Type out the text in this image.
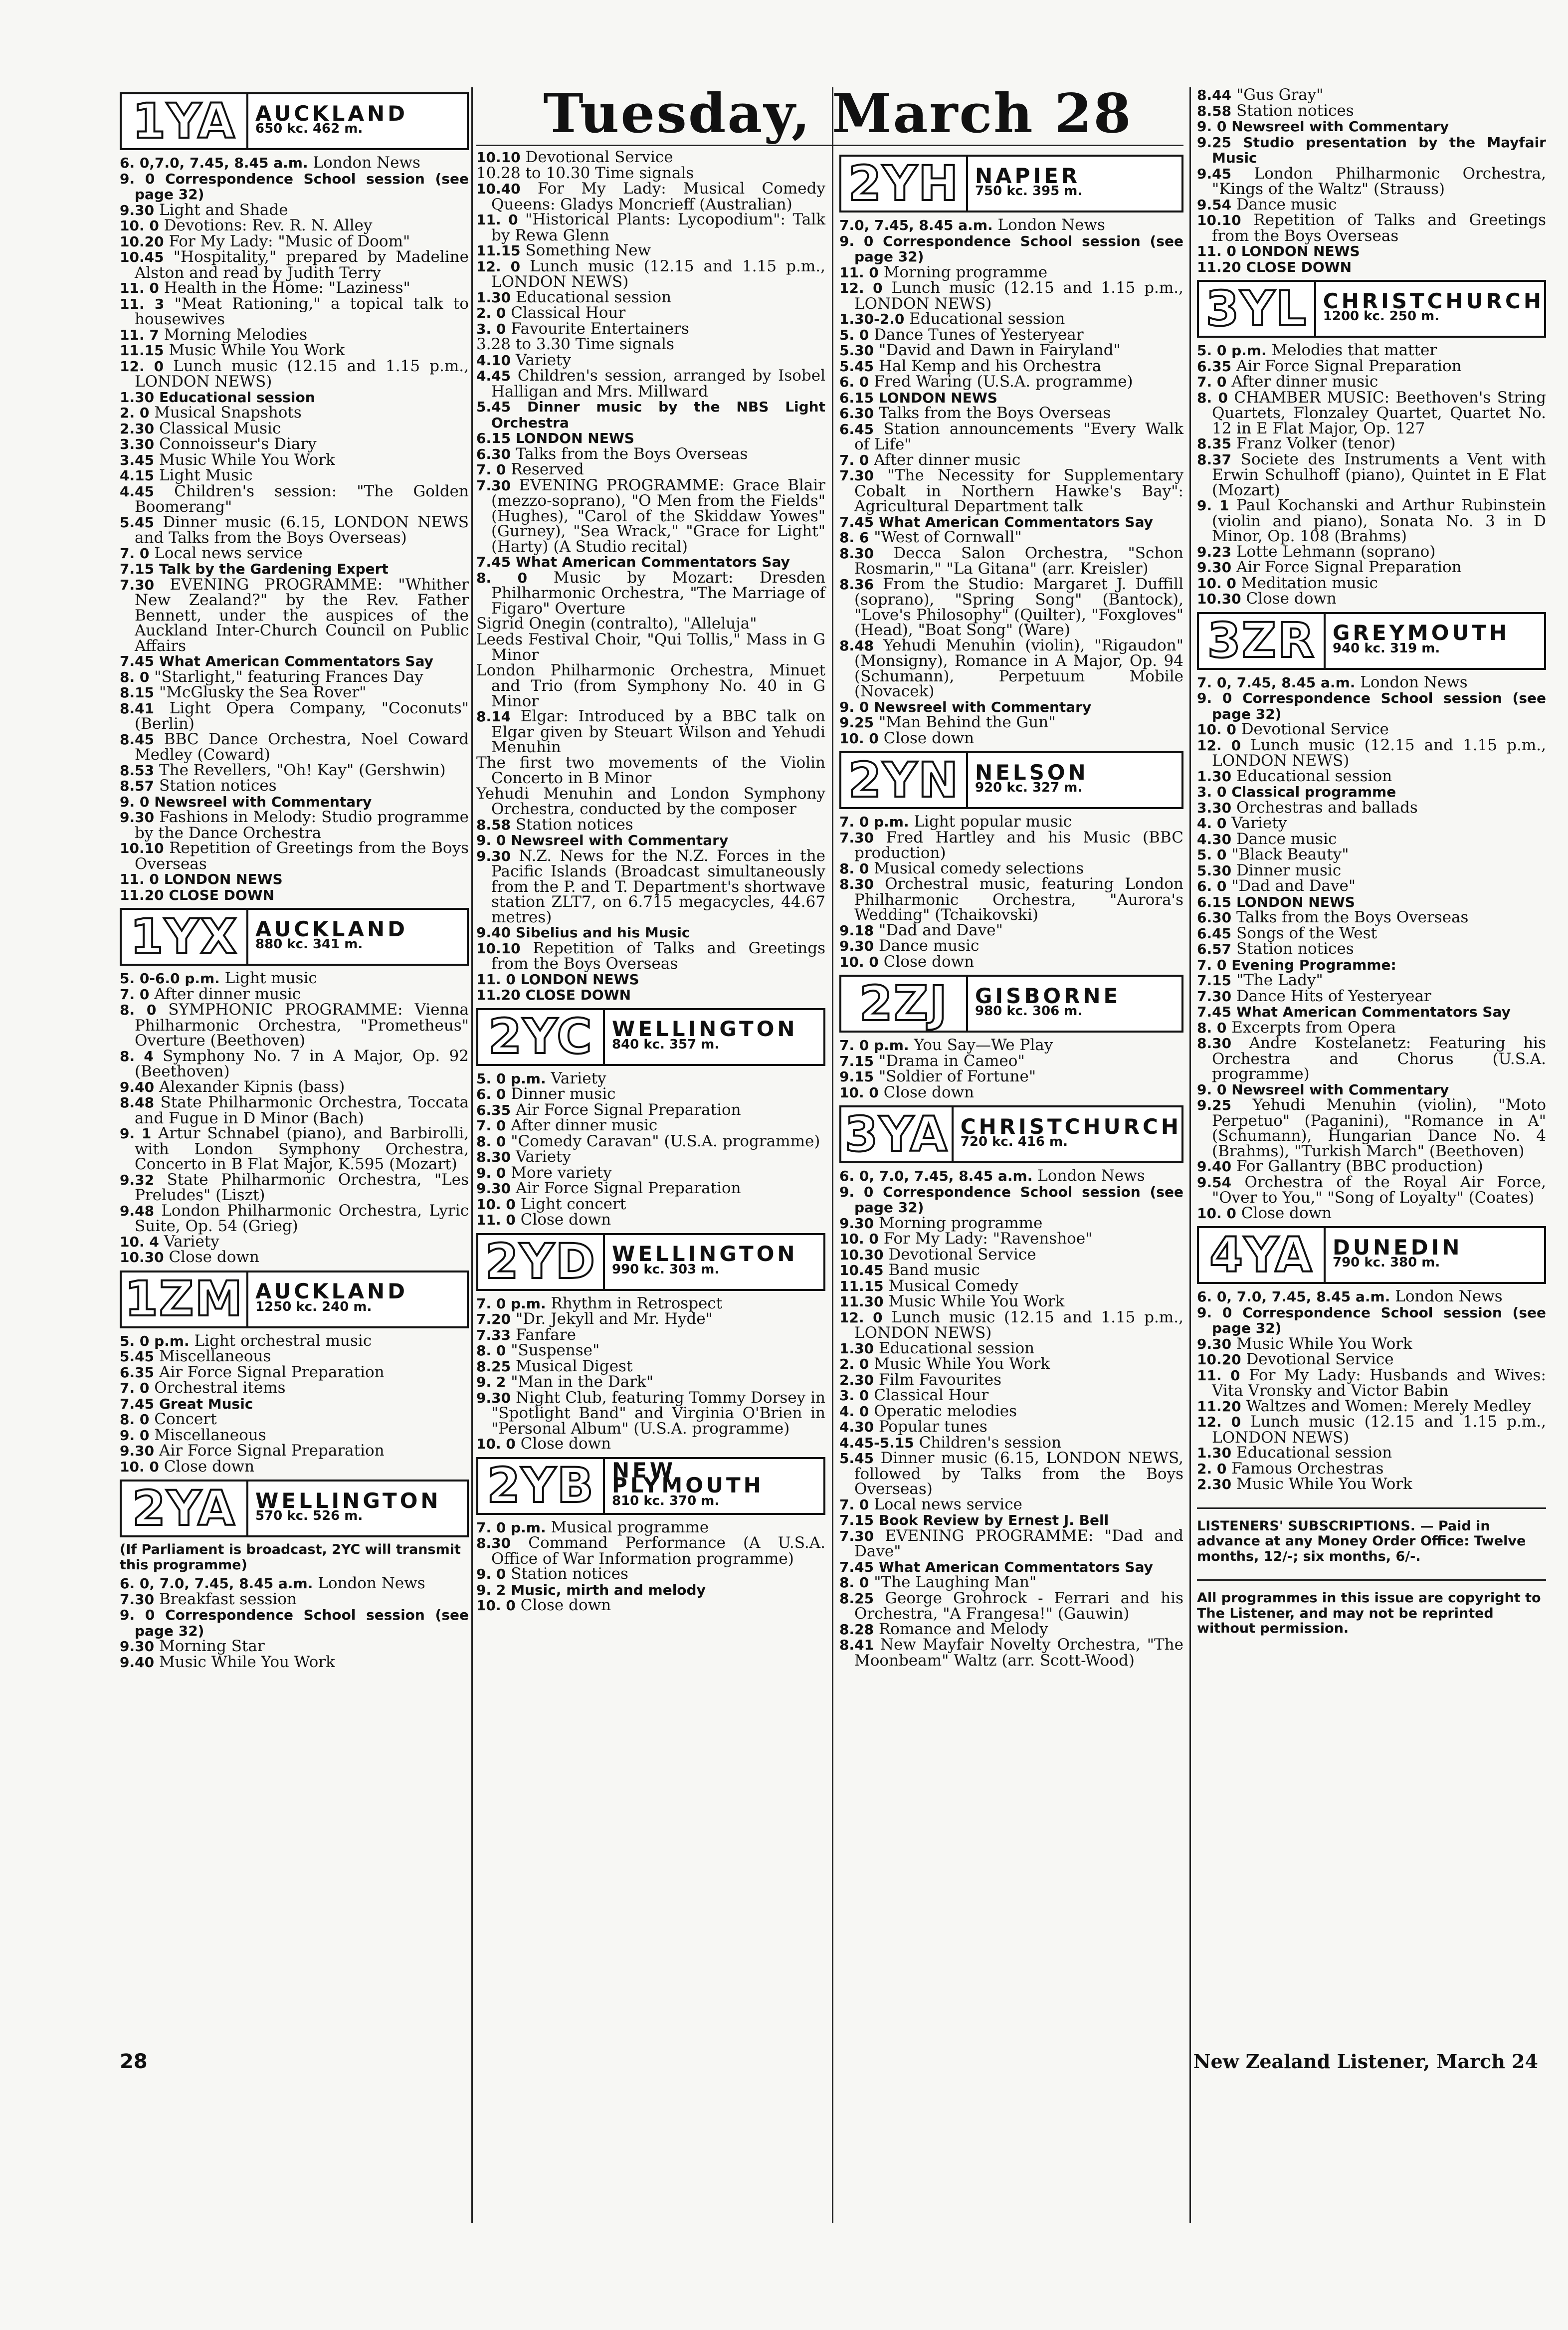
Tuesday, March 28
1YA AUCKLAND
650 kc. 462 m.

6. 0,7.0, 7.45, 8.45 a.m. London News

9. 0 Correspondence School session (see page 32)

9.30 Light and Shade

10. 0 Devotions: Rev. R. N. Alley

10.20 For My Lady: "Music of Doom"

10.45 "Hospitality," prepared by Madeline Alston and read by Judith Terry

11. 0 Health in the Home: "Laziness"

11. 3 "Meat Rationing," a topical talk to housewives

11. 7 Morning Melodies

11.15 Music While You Work

12. 0 Lunch music (12.15 and 1.15 p.m., LONDON NEWS)

1.30 Educational session

2. 0 Musical Snapshots

2.30 Classical Music

3.30 Connoisseur's Diary

3.45 Music While You Work

4.15 Light Music

4.45 Children's session: "The Golden Boomerang"

5.45 Dinner music (6.15, LONDON NEWS and Talks from the Boys Overseas)

7. 0 Local news service

7.15 Talk by the Gardening Expert

7.30 EVENING PROGRAMME: "Whither New Zealand?" by the Rev. Father Bennett, under the auspices of the Auckland Inter-Church Council on Public Affairs

7.45 What American Commentators Say

8. 0 "Starlight," featuring Frances Day

8.15 "McGlusky the Sea Rover"

8.41 Light Opera Company, "Coconuts" (Berlin)

8.45 BBC Dance Orchestra, Noel Coward Medley (Coward)

8.53 The Revellers, "Oh! Kay" (Gershwin)

8.57 Station notices

9. 0 Newsreel with Commentary

9.30 Fashions in Melody: Studio programme by the Dance Orchestra

10.10 Repetition of Greetings from the Boys Overseas

11. 0 LONDON NEWS

11.20 CLOSE DOWN

1YX AUCKLAND
880 kc. 341 m.

5. 0-6.0 p.m. Light music

7. 0 After dinner music

8. 0 SYMPHONIC PROGRAMME: Vienna Philharmonic Orchestra, "Prometheus" Overture (Beethoven)

8. 4 Symphony No. 7 in A Major, Op. 92 (Beethoven)

9.40 Alexander Kipnis (bass)

8.48 State Philharmonic Orchestra, Toccata and Fugue in D Minor (Bach)

9. 1 Artur Schnabel (piano), and Barbirolli, with London Symphony Orchestra, Concerto in B Flat Major, K.595 (Mozart)

9.32 State Philharmonic Orchestra, "Les Preludes" (Liszt)

9.48 London Philharmonic Orchestra, Lyric Suite, Op. 54 (Grieg)

10. 4 Variety

10.30 Close down

1ZM AUCKLAND
1250 kc. 240 m.

5. 0 p.m. Light orchestral music

5.45 Miscellaneous

6.35 Air Force Signal Preparation

7. 0 Orchestral items

7.45 Great Music

8. 0 Concert

9. 0 Miscellaneous

9.30 Air Force Signal Preparation

10. 0 Close down

2YA WELLINGTON
570 kc. 526 m.
(If Parliament is broadcast, 2YC will transmit this programme)

6. 0, 7.0, 7.45, 8.45 a.m. London News

7.30 Breakfast session

9. 0 Correspondence School session (see page 32)

9.30 Morning Star

9.40 Music While You Work

10.10 Devotional Service

10.28 to 10.30 Time signals

10.40 For My Lady: Musical Comedy Queens: Gladys Moncrieff (Australian)

11. 0 "Historical Plants: Lycopodium": Talk by Rewa Glenn

11.15 Something New

12. 0 Lunch music (12.15 and 1.15 p.m., LONDON NEWS)

1.30 Educational session

2. 0 Classical Hour

3. 0 Favourite Entertainers

3.28 to 3.30 Time signals

4.10 Variety

4.45 Children's session, arranged by Isobel Halligan and Mrs. Millward

5.45 Dinner music by the NBS Light Orchestra

6.15 LONDON NEWS

6.30 Talks from the Boys Overseas

7. 0 Reserved

7.30 EVENING PROGRAMME: Grace Blair (mezzo-soprano), "O Men from the Fields" (Hughes), "Carol of the Skiddaw Yowes" (Gurney), "Sea Wrack," "Grace for Light" (Harty) (A Studio recital)

7.45 What American Commentators Say

8. 0 Music by Mozart: Dresden Philharmonic Orchestra, "The Marriage of Figaro" Overture

Sigrid Onegin (contralto), "Alleluja"

Leeds Festival Choir, "Qui Tollis," Mass in G Minor

London Philharmonic Orchestra, Minuet and Trio (from Symphony No. 40 in G Minor

8.14 Elgar: Introduced by a BBC talk on Elgar given by Steuart Wilson and Yehudi Menuhin

The first two movements of the Violin Concerto in B Minor

Yehudi Menuhin and London Symphony Orchestra, conducted by the composer

8.58 Station notices

9. 0 Newsreel with Commentary

9.30 N.Z. News for the N.Z. Forces in the Pacific Islands (Broadcast simultaneously from the P. and T. Department's shortwave station ZLT7, on 6.715 megacycles, 44.67 metres)

9.40 Sibelius and his Music

10.10 Repetition of Talks and Greetings from the Boys Overseas

11. 0 LONDON NEWS

11.20 CLOSE DOWN

2YC WELLINGTON
840 kc. 357 m.

5. 0 p.m. Variety

6. 0 Dinner music

6.35 Air Force Signal Preparation

7. 0 After dinner music

8. 0 "Comedy Caravan" (U.S.A. programme)

8.30 Variety

9. 0 More variety

9.30 Air Force Signal Preparation

10. 0 Light concert

11. 0 Close down

2YD WELLINGTON
990 kc. 303 m.

7. 0 p.m. Rhythm in Retrospect

7.20 "Dr. Jekyll and Mr. Hyde"

7.33 Fanfare

8. 0 "Suspense"

8.25 Musical Digest

9. 2 "Man in the Dark"

9.30 Night Club, featuring Tommy Dorsey in "Spotlight Band" and Virginia O'Brien in "Personal Album" (U.S.A. programme)

10. 0 Close down

2YB NEW PLYMOUTH
810 kc. 370 m.

7. 0 p.m. Musical programme

8.30 Command Performance (A U.S.A. Office of War Information programme)

9. 0 Station notices

9. 2 Music, mirth and melody

10. 0 Close down

2YH NAPIER
750 kc. 395 m.

7.0, 7.45, 8.45 a.m. London News

9. 0 Correspondence School session (see page 32)

11. 0 Morning programme

12. 0 Lunch music (12.15 and 1.15 p.m., LONDON NEWS)

1.30-2.0 Educational session

5. 0 Dance Tunes of Yesteryear

5.30 "David and Dawn in Fairyland"

5.45 Hal Kemp and his Orchestra

6. 0 Fred Waring (U.S.A. programme)

6.15 LONDON NEWS

6.30 Talks from the Boys Overseas

6.45 Station announcements "Every Walk of Life"

7. 0 After dinner music

7.30 "The Necessity for Supplementary Cobalt in Northern Hawke's Bay": Agricultural Department talk

7.45 What American Commentators Say

8. 6 "West of Cornwall"

8.30 Decca Salon Orchestra, "Schon Rosmarin," "La Gitana" (arr. Kreisler)

8.36 From the Studio: Margaret J. Duffill (soprano), "Spring Song" (Bantock), "Love's Philosophy" (Quilter), "Foxgloves" (Head), "Boat Song" (Ware)

8.48 Yehudi Menuhin (violin), "Rigaudon" (Monsigny), Romance in A Major, Op. 94 (Schumann), Perpetuum Mobile (Novacek)

9. 0 Newsreel with Commentary

9.25 "Man Behind the Gun"

10. 0 Close down

2YN NELSON
920 kc. 327 m.

7. 0 p.m. Light popular music

7.30 Fred Hartley and his Music (BBC production)

8. 0 Musical comedy selections

8.30 Orchestral music, featuring London Philharmonic Orchestra, "Aurora's Wedding" (Tchaikovski)

9.18 "Dad and Dave"

9.30 Dance music

10. 0 Close down

2ZJ	GISBORNE
980 kc. 306 m.

7. 0 p.m. You Say—We Play

7.15 "Drama in Cameo"

9.15 "Soldier of Fortune"

10. 0 Close down

3YA CHRISTCHURCH
720 kc. 416 m.

6. 0, 7.0, 7.45, 8.45 a.m. London News

9. 0 Correspondence School session (see page 32)

9.30 Morning programme

10. 0 For My Lady: "Ravenshoe"

10.30 Devotional Service

10.45 Band music

11.15 Musical Comedy

11.30 Music While You Work

12. 0 Lunch music (12.15 and 1.15 p.m., LONDON NEWS)

1.30 Educational session

2. 0 Music While You Work

2.30 Film Favourites

3. 0 Classical Hour

4. 0 Operatic melodies

4.30 Popular tunes

4.45-5.15 Children's session

5.45 Dinner music (6.15, LONDON NEWS, followed by Talks from the Boys Overseas)

7. 0 Local news service

7.15 Book Review by Ernest J. Bell

7.30 EVENING PROGRAMME: "Dad and Dave"

7.45 What American Commentators Say

8. 0 "The Laughing Man"

8.25 George Grohrock - Ferrari and his Orchestra, "A Frangesa!" (Gauwin)

8.28 Romance and Melody

8.41 New Mayfair Novelty Orchestra, "The Moonbeam" Waltz (arr. Scott-Wood)

8.44 "Gus Gray"

8.58 Station notices

9. 0 Newsreel with Commentary

9.25 Studio presentation by the Mayfair Music

9.45 London Philharmonic Orchestra, "Kings of the Waltz" (Strauss)

9.54 Dance music

10.10 Repetition of Talks and Greetings from the Boys Overseas

11. 0 LONDON NEWS

11.20 CLOSE DOWN

3YL CHRISTCHURCH
1200 kc. 250 m.

5. 0 p.m. Melodies that matter

6.35 Air Force Signal Preparation

7. 0 After dinner music

8. 0 CHAMBER MUSIC: Beethoven's String Quartets, Flonzaley Quartet, Quartet No. 12 in E Flat Major, Op. 127

8.35 Franz Volker (tenor)

8.37 Societe des Instruments a Vent with Erwin Schulhoff (piano), Quintet in E Flat (Mozart)

9. 1 Paul Kochanski and Arthur Rubinstein (violin and piano), Sonata No. 3 in D Minor, Op. 108 (Brahms)

9.23 Lotte Lehmann (soprano)

9.30 Air Force Signal Preparation

10. 0 Meditation music

10.30 Close down

3ZR GREYMOUTH
940 kc. 319 m.

7. 0, 7.45, 8.45 a.m. London News

9. 0 Correspondence School session (see page 32)

10. 0 Devotional Service

12. 0 Lunch music (12.15 and 1.15 p.m., LONDON NEWS)

1.30 Educational session

3. 0 Classical programme

3.30 Orchestras and ballads

4. 0 Variety

4.30 Dance music

5. 0 "Black Beauty"

5.30 Dinner music

6. 0 "Dad and Dave"

6.15 LONDON NEWS

6.30 Talks from the Boys Overseas

6.45 Songs of the West

6.57 Station notices

7. 0 Evening Programme:

7.15 "The Lady"

7.30 Dance Hits of Yesteryear

7.45 What American Commentators Say

8. 0 Excerpts from Opera

8.30 Andre Kostelanetz: Featuring his Orchestra and Chorus (U.S.A. programme)

9. 0 Newsreel with Commentary

9.25 Yehudi Menuhin (violin), "Moto Perpetuo" (Paganini), "Romance in A" (Schumann), Hungarian Dance No. 4 (Brahms), "Turkish March" (Beethoven)

9.40 For Gallantry (BBC production)

9.54 Orchestra of the Royal Air Force, "Over to You," "Song of Loyalty" (Coates)

10. 0 Close down

4YA DUNEDIN
790 kc. 380 m.

6. 0, 7.0, 7.45, 8.45 a.m. London News

9. 0 Correspondence School session (see page 32)

9.30 Music While You Work

10.20 Devotional Service

11. 0 For My Lady: Husbands and Wives: Vita Vronsky and Victor Babin

11.20 Waltzes and Women: Merely Medley

12. 0 Lunch music (12.15 and 1.15 p.m., LONDON NEWS)

1.30 Educational session

2. 0 Famous Orchestras

2.30 Music While You Work

LISTENERS' SUBSCRIPTIONS. — Paid in advance at any Money Order Office: Twelve months, 12/-; six months, 6/-.
All programmes in this issue are copyright to The Listener, and may not be reprinted without permission.
28	New Zealand Listener, March 24
